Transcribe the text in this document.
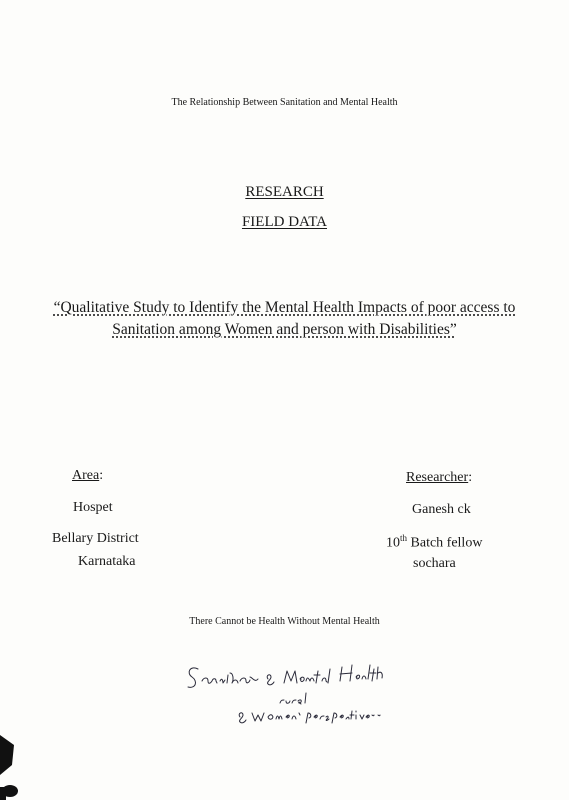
The Relationship Between Sanitation and Mental Health
RESEARCH
FIELD DATA
“Qualitative Study to Identify the Mental Health Impacts of poor access to Sanitation among Women and person with Disabilities”
Area:
Hospet
Bellary District
Karnataka
Researcher:
Ganesh ck
10th Batch fellow
sochara
There Cannot be Health Without Mental Health
